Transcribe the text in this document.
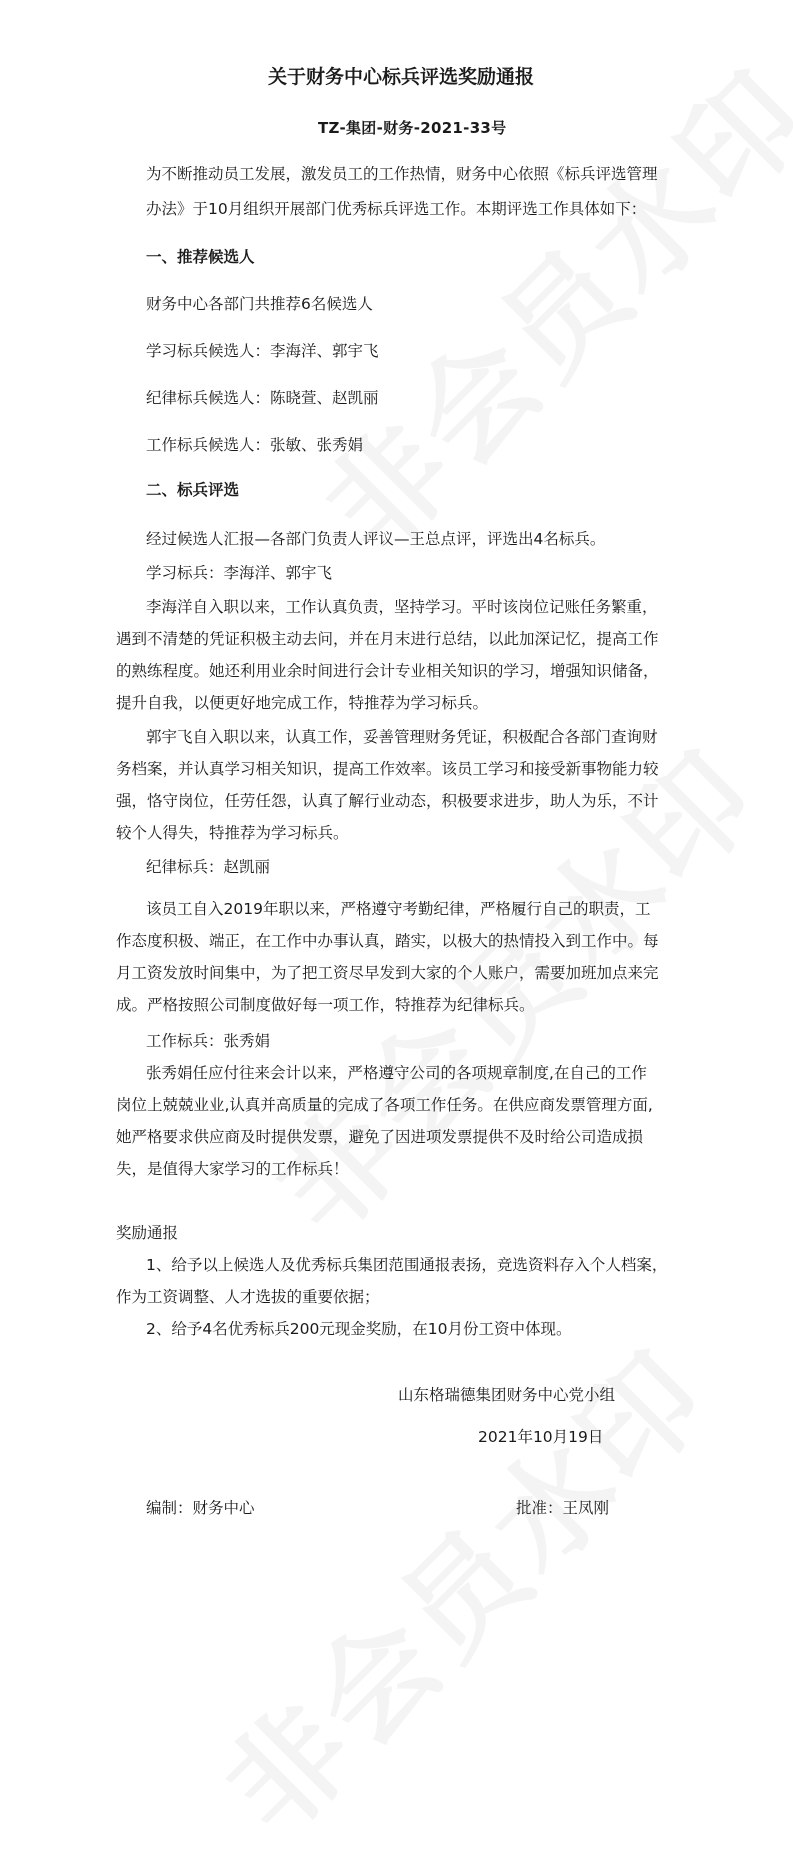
关于财务中心标兵评选奖励通报
TZ-集团-财务-2021-33号
为不断推动员工发展，激发员工的工作热情，财务中心依照《标兵评选管理
办法》于10月组织开展部门优秀标兵评选工作。本期评选工作具体如下：
一、推荐候选人
财务中心各部门共推荐6名候选人
学习标兵候选人：李海洋、郭宇飞
纪律标兵候选人：陈晓萱、赵凯丽
工作标兵候选人：张敏、张秀娟
二、标兵评选
经过候选人汇报—各部门负责人评议—王总点评，评选出4名标兵。
学习标兵：李海洋、郭宇飞
李海洋自入职以来，工作认真负责，坚持学习。平时该岗位记账任务繁重，
遇到不清楚的凭证积极主动去问，并在月末进行总结，以此加深记忆，提高工作
的熟练程度。她还利用业余时间进行会计专业相关知识的学习，增强知识储备，
提升自我，以便更好地完成工作，特推荐为学习标兵。
郭宇飞自入职以来，认真工作，妥善管理财务凭证，积极配合各部门查询财
务档案，并认真学习相关知识，提高工作效率。该员工学习和接受新事物能力较
强，恪守岗位，任劳任怨，认真了解行业动态，积极要求进步，助人为乐，不计
较个人得失，特推荐为学习标兵。
纪律标兵：赵凯丽
该员工自入2019年职以来，严格遵守考勤纪律，严格履行自己的职责，工
作态度积极、端正，在工作中办事认真，踏实，以极大的热情投入到工作中。每
月工资发放时间集中，为了把工资尽早发到大家的个人账户，需要加班加点来完
成。严格按照公司制度做好每一项工作，特推荐为纪律标兵。
工作标兵：张秀娟
张秀娟任应付往来会计以来，严格遵守公司的各项规章制度,在自己的工作
岗位上兢兢业业,认真并高质量的完成了各项工作任务。在供应商发票管理方面,
她严格要求供应商及时提供发票，避免了因进项发票提供不及时给公司造成损
失，是值得大家学习的工作标兵！
奖励通报
1、给予以上候选人及优秀标兵集团范围通报表扬，竞选资料存入个人档案，
作为工资调整、人才选拔的重要依据；
2、给予4名优秀标兵200元现金奖励，在10月份工资中体现。
山东格瑞德集团财务中心党小组
2021年10月19日
编制：财务中心	批准：王凤刚
